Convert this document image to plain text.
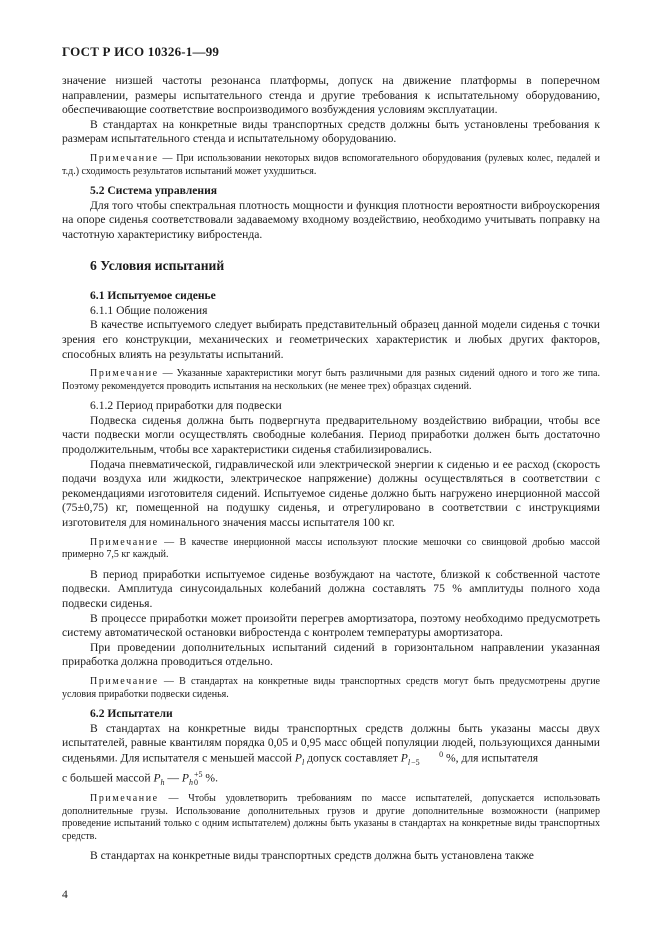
ГОСТ Р ИСО 10326-1—99

значение низшей частоты резонанса платформы, допуск на движение платформы в поперечном направлении, размеры испытательного стенда и другие требования к испытательному оборудованию, обеспечивающие соответствие воспроизводимого возбуждения условиям эксплуатации.

В стандартах на конкретные виды транспортных средств должны быть установлены требования к размерам испытательного стенда и испытательному оборудованию.

Примечание — При использовании некоторых видов вспомогательного оборудования (рулевых колес, педалей и т.д.) сходимость результатов испытаний может ухудшиться.

5.2 Система управления

Для того чтобы спектральная плотность мощности и функция плотности вероятности виброускорения на опоре сиденья соответствовали задаваемому входному воздействию, необходимо учитывать поправку на частотную характеристику вибростенда.

6 Условия испытаний

6.1 Испытуемое сиденье

6.1.1 Общие положения

В качестве испытуемого следует выбирать представительный образец данной модели сиденья с точки зрения его конструкции, механических и геометрических характеристик и любых других факторов, способных влиять на результаты испытаний.

Примечание — Указанные характеристики могут быть различными для разных сидений одного и того же типа. Поэтому рекомендуется проводить испытания на нескольких (не менее трех) образцах сидений.

6.1.2 Период приработки для подвески

Подвеска сиденья должна быть подвергнута предварительному воздействию вибрации, чтобы все части подвески могли осуществлять свободные колебания. Период приработки должен быть достаточно продолжительным, чтобы все характеристики сиденья стабилизировались.

Подача пневматической, гидравлической или электрической энергии к сиденью и ее расход (скорость подачи воздуха или жидкости, электрическое напряжение) должны осуществляться в соответствии с рекомендациями изготовителя сидений. Испытуемое сиденье должно быть нагружено инерционной массой (75±0,75) кг, помещенной на подушку сиденья, и отрегулировано в соответствии с инструкциями изготовителя для номинального значения массы испытателя 100 кг.

Примечание — В качестве инерционной массы используют плоские мешочки со свинцовой дробью массой примерно 7,5 кг каждый.

В период приработки испытуемое сиденье возбуждают на частоте, близкой к собственной частоте подвески. Амплитуда синусоидальных колебаний должна составлять 75 % амплитуды полного хода подвески сиденья.

В процессе приработки может произойти перегрев амортизатора, поэтому необходимо предусмотреть систему автоматической остановки вибростенда с контролем температуры амортизатора.

При проведении дополнительных испытаний сидений в горизонтальном направлении указанная приработка должна проводиться отдельно.

Примечание — В стандартах на конкретные виды транспортных средств могут быть предусмотрены другие условия приработки подвески сиденья.

6.2 Испытатели

В стандартах на конкретные виды транспортных средств должны быть указаны массы двух испытателей, равные квантилям порядка 0,05 и 0,95 масс общей популяции людей, пользующихся данными сиденьями. Для испытателя с меньшей массой $P_l$ допуск составляет $P_l0$
−5 %, для испытателя

с большей массой $P_h$ — $P_h+5$
0 %.

Примечание — Чтобы удовлетворить требованиям по массе испытателей, допускается использовать дополнительные грузы. Использование дополнительных грузов и другие дополнительные возможности (например проведение испытаний только с одним испытателем) должны быть указаны в стандартах на конкретные виды транспортных средств.

В стандартах на конкретные виды транспортных средств должна быть установлена также

4
